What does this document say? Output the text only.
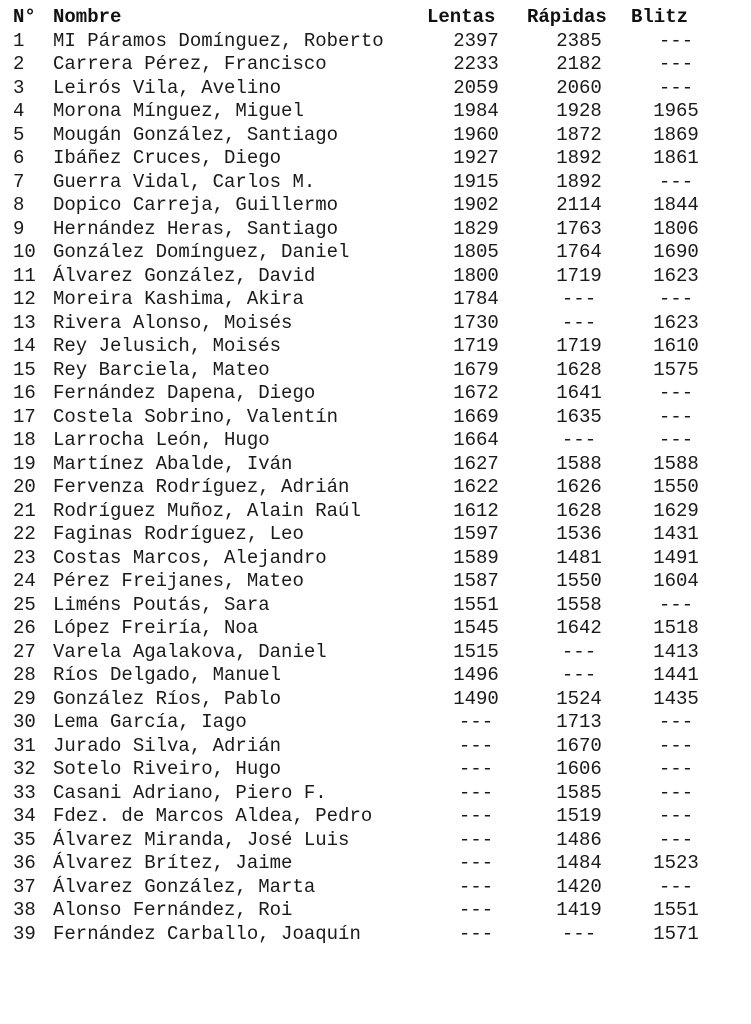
N°	Nombre	Lentas	Rápidas	Blitz
1	MI Páramos Domínguez, Roberto	2397	2385	---
2	Carrera Pérez, Francisco	2233	2182	---
3	Leirós Vila, Avelino	2059	2060	---
4	Morona Mínguez, Miguel	1984	1928	1965
5	Mougán González, Santiago	1960	1872	1869
6	Ibáñez Cruces, Diego	1927	1892	1861
7	Guerra Vidal, Carlos M.	1915	1892	---
8	Dopico Carreja, Guillermo	1902	2114	1844
9	Hernández Heras, Santiago	1829	1763	1806
10	González Domínguez, Daniel	1805	1764	1690
11	Álvarez González, David	1800	1719	1623
12	Moreira Kashima, Akira	1784	---	---
13	Rivera Alonso, Moisés	1730	---	1623
14	Rey Jelusich, Moisés	1719	1719	1610
15	Rey Barciela, Mateo	1679	1628	1575
16	Fernández Dapena, Diego	1672	1641	---
17	Costela Sobrino, Valentín	1669	1635	---
18	Larrocha León, Hugo	1664	---	---
19	Martínez Abalde, Iván	1627	1588	1588
20	Fervenza Rodríguez, Adrián	1622	1626	1550
21	Rodríguez Muñoz, Alain Raúl	1612	1628	1629
22	Faginas Rodríguez, Leo	1597	1536	1431
23	Costas Marcos, Alejandro	1589	1481	1491
24	Pérez Freijanes, Mateo	1587	1550	1604
25	Liméns Poutás, Sara	1551	1558	---
26	López Freiría, Noa	1545	1642	1518
27	Varela Agalakova, Daniel	1515	---	1413
28	Ríos Delgado, Manuel	1496	---	1441
29	González Ríos, Pablo	1490	1524	1435
30	Lema García, Iago	---	1713	---
31	Jurado Silva, Adrián	---	1670	---
32	Sotelo Riveiro, Hugo	---	1606	---
33	Casani Adriano, Piero F.	---	1585	---
34	Fdez. de Marcos Aldea, Pedro	---	1519	---
35	Álvarez Miranda, José Luis	---	1486	---
36	Álvarez Brítez, Jaime	---	1484	1523
37	Álvarez González, Marta	---	1420	---
38	Alonso Fernández, Roi	---	1419	1551
39	Fernández Carballo, Joaquín	---	---	1571
